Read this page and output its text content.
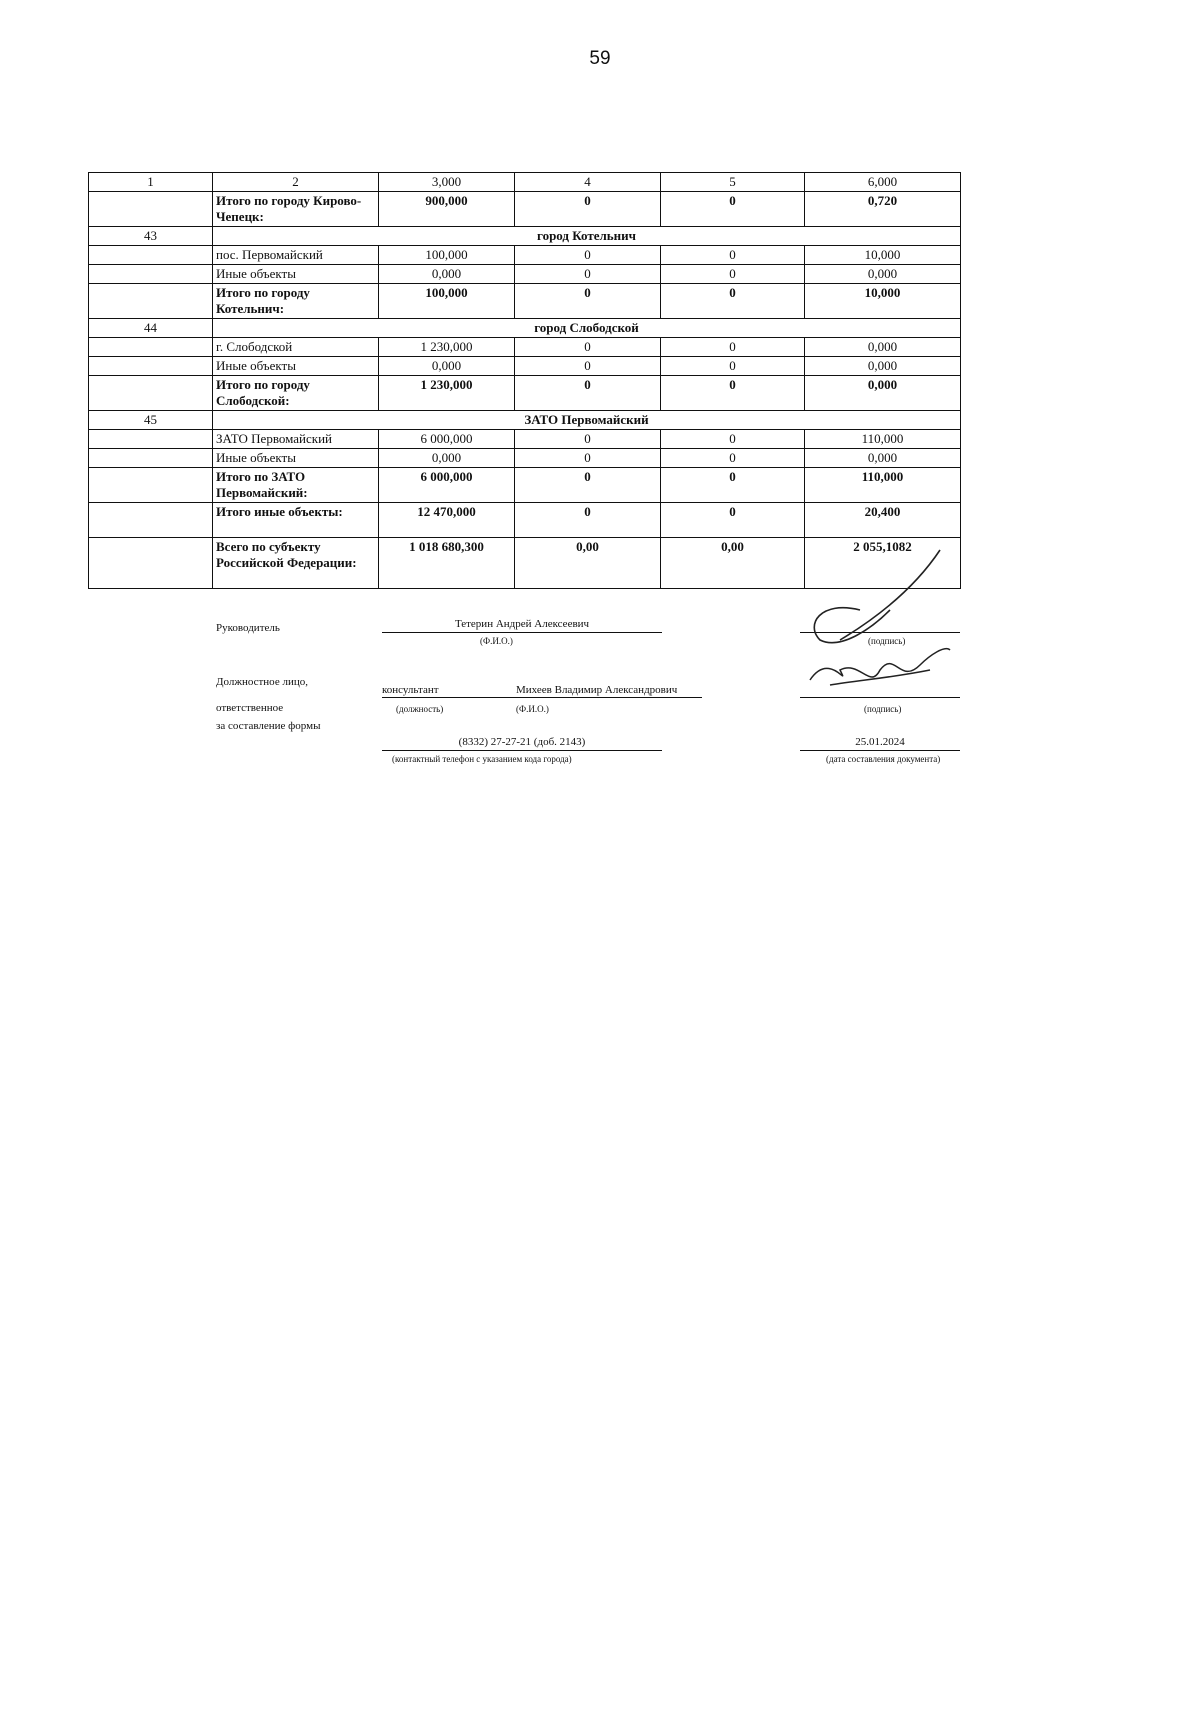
59
1	2	3,000	4	5	6,000
	Итого по городу Кирово-Чепецк:	900,000	0	0	0,720
43	город Котельнич				
	пос. Первомайский	100,000	0	0	10,000
	Иные объекты	0,000	0	0	0,000
	Итого по городу Котельнич:	100,000	0	0	10,000
44	город Слободской				
	г. Слободской	1 230,000	0	0	0,000
	Иные объекты	0,000	0	0	0,000
	Итого по городу Слободской:	1 230,000	0	0	0,000
45	ЗАТО Первомайский				
	ЗАТО Первомайский	6 000,000	0	0	110,000
	Иные объекты	0,000	0	0	0,000
	Итого по ЗАТО Первомайский:	6 000,000	0	0	110,000
	Итого иные объекты:	12 470,000	0	0	20,400
	Всего по субъекту Российской Федерации:	1 018 680,300	0,00	0,00	2 055,1082
Руководитель	Тетерин Андрей Алексеевич
(Ф.И.О.)	(подпись)
Должностное лицо,
ответственное
за составление формы
консультант	Михеев Владимир Александрович
(должность)	(Ф.И.О.)	(подпись)
(8332) 27-27-21 (доб. 2143)
(контактный телефон с указанием кода города)
25.01.2024
(дата составления документа)
